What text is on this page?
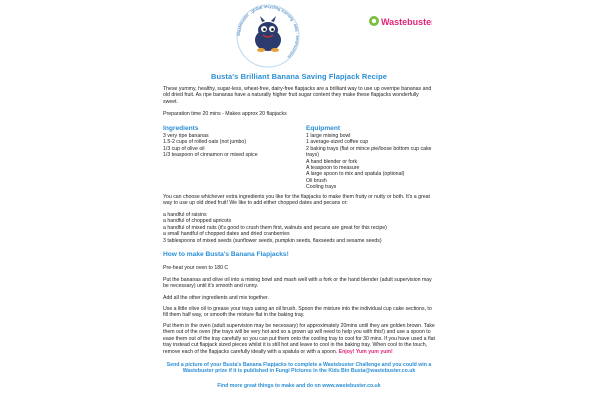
Wastebuster · global recycling learning · kids · environment ·
Wastebuster
Busta's Brilliant Banana Saving Flapjack Recipe
These yummy, healthy, sugar-less, wheat-free, dairy-free flapjacks are a brilliant way to use up overripe bananas and old dried fruit. As ripe bananas have a naturally higher fruit sugar content they make these flapjacks wonderfully sweet.
Preparation time 20 mins - Makes approx 20 flapjacks
Ingredients
3 very ripe bananas
1.5-2 cups of rolled oats (not jumbo)
1/3 cup of olive oil
1/3 teaspoon of cinnamon or mixed spice
Equipment
1 large mixing bowl
1 average-sized coffee cup
2 baking trays (flat or mince pie/loose bottom cup cake trays)
A hand blender or fork
A teaspoon to measure
A large spoon to mix and spatula (optional)
Oil brush
Cooling trays
You can choose whichever extra ingredients you like for the flapjacks to make them fruity or nutty or both. It's a great way to use up old dried fruit! We like to add either chopped dates and pecans or:
a handful of raisins
a handful of chopped apricots
a handful of mixed nuts (it's good to crush them first, walnuts and pecans are great for this recipe)
a small handful of chopped dates and dried cranberries
3 tablespoons of mixed seeds (sunflower seeds, pumpkin seeds, flaxseeds and sesame seeds)
How to make Busta's Banana Flapjacks!
Pre-heat your oven to 180 C
Put the bananas and olive oil into a mixing bowl and mash well with a fork or the hand blender (adult supervision may be necessary) until it's smooth and runny.
Add all the other ingredients and mix together.
Use a little olive oil to grease your trays using an oil brush. Spoon the mixture into the individual cup cake sections, to fill them half way, or smooth the mixture flat in the baking tray.
Put them in the oven (adult supervision may be necessary) for approximately 20mins until they are golden brown. Take them out of the oven (the trays will be very hot and so a grown up will need to help you with this!) and use a spoon to ease them out of the tray carefully so you can put them onto the cooling tray to cool for 30 mins. If you have used a flat tray instead cut flapjack sized pieces whilst it is still hot and leave to cool in the baking tray. When cool to the touch, remove each of the flapjacks carefully ideally with a spatula or with a spoon. Enjoy! Yum yum yum!
Send a picture of your Busta's Banana Flapjacks to complete a Wastebuster Challenge and you could win a Wastebuster prize if it is published in Fungi Pictures in the Kids Bin Busta@wastebuster.co.uk
Find more great things to make and do on www.wastebuster.co.uk
